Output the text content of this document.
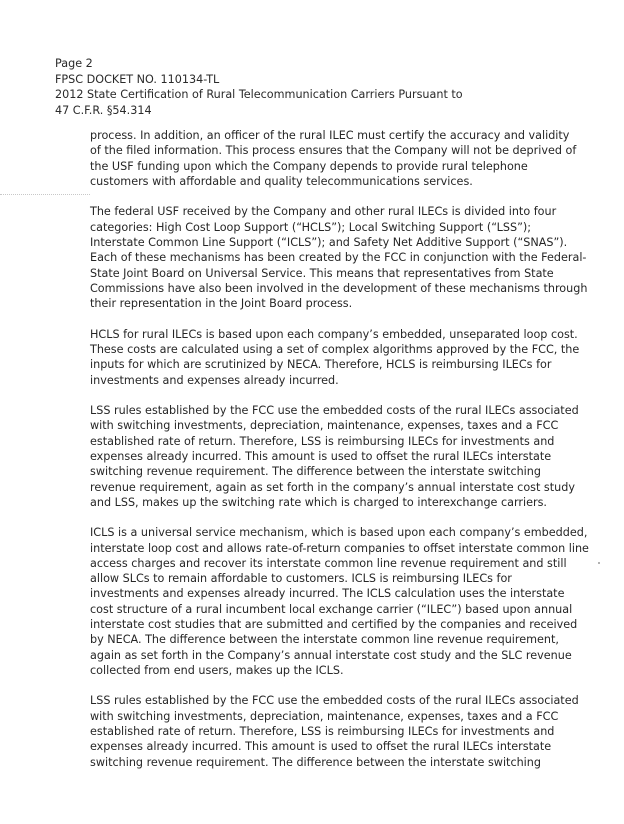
Page 2
FPSC DOCKET NO. 110134-TL
2012 State Certification of Rural Telecommunication Carriers Pursuant to
47 C.F.R. §54.314
process. In addition, an officer of the rural ILEC must certify the accuracy and validity
of the filed information. This process ensures that the Company will not be deprived of
the USF funding upon which the Company depends to provide rural telephone
customers with affordable and quality telecommunications services.
The federal USF received by the Company and other rural ILECs is divided into four
categories: High Cost Loop Support (“HCLS”); Local Switching Support (“LSS”);
Interstate Common Line Support (“ICLS”); and Safety Net Additive Support (“SNAS”).
Each of these mechanisms has been created by the FCC in conjunction with the Federal-
State Joint Board on Universal Service. This means that representatives from State
Commissions have also been involved in the development of these mechanisms through
their representation in the Joint Board process.
HCLS for rural ILECs is based upon each company’s embedded, unseparated loop cost.
These costs are calculated using a set of complex algorithms approved by the FCC, the
inputs for which are scrutinized by NECA. Therefore, HCLS is reimbursing ILECs for
investments and expenses already incurred.
LSS rules established by the FCC use the embedded costs of the rural ILECs associated
with switching investments, depreciation, maintenance, expenses, taxes and a FCC
established rate of return. Therefore, LSS is reimbursing ILECs for investments and
expenses already incurred. This amount is used to offset the rural ILECs interstate
switching revenue requirement. The difference between the interstate switching
revenue requirement, again as set forth in the company’s annual interstate cost study
and LSS, makes up the switching rate which is charged to interexchange carriers.
ICLS is a universal service mechanism, which is based upon each company’s embedded,
interstate loop cost and allows rate-of-return companies to offset interstate common line
access charges and recover its interstate common line revenue requirement and still
allow SLCs to remain affordable to customers. ICLS is reimbursing ILECs for
investments and expenses already incurred. The ICLS calculation uses the interstate
cost structure of a rural incumbent local exchange carrier (“ILEC”) based upon annual
interstate cost studies that are submitted and certified by the companies and received
by NECA. The difference between the interstate common line revenue requirement,
again as set forth in the Company’s annual interstate cost study and the SLC revenue
collected from end users, makes up the ICLS.
LSS rules established by the FCC use the embedded costs of the rural ILECs associated
with switching investments, depreciation, maintenance, expenses, taxes and a FCC
established rate of return. Therefore, LSS is reimbursing ILECs for investments and
expenses already incurred. This amount is used to offset the rural ILECs interstate
switching revenue requirement. The difference between the interstate switching
